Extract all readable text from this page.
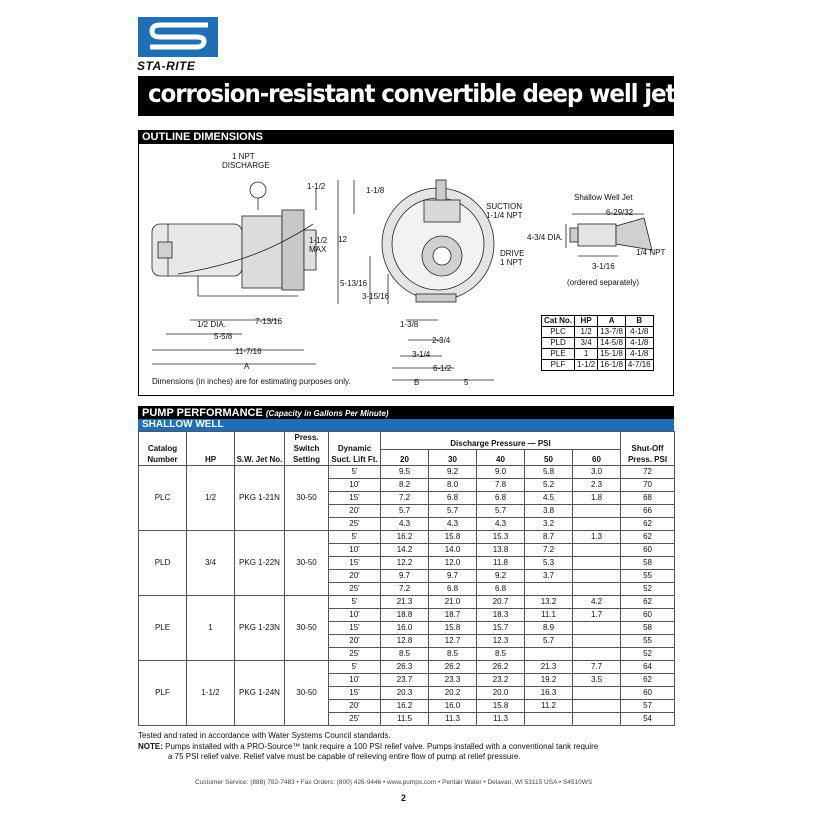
STA-RITE
corrosion-resistant convertible deep well jet pumps
OUTLINE DIMENSIONS
1 NPT
DISCHARGE
1-1/2
1-1/2
MAX
1-1/8
12
SUCTION
1-1/4 NPT
DRIVE
1 NPT
5-13/16
3-15/16
1-3/8
2-3/4
3-1/4
6-1/2
B	5
1/2 DIA.	7-13/16
5-5/8
11-7/16
A
Dimensions (in inches) are for estimating purposes only.
Shallow Well Jet
6-29/32
4-3/4 DIA.
1/4 NPT
3-1/16
(ordered separately)
Cat No.	HP	A	B
PLC	1/2	13-7/8	4-1/8
PLD	3/4	14-5/8	4-1/8
PLE	1	15-1/8	4-1/8
PLF	1-1/2	16-1/8	4-7/16
PUMP PERFORMANCE (Capacity in Gallons Per Minute)
SHALLOW WELL
Catalog Number	HP	S.W. Jet No.	Press. Switch Setting	Dynamic Suct. Lift Ft.	Discharge Pressure — PSI					Shut-Off Press. PSI
					20	30	40	50	60	
PLC	1/2	PKG 1-21N	30-50	5'	9.5	9.2	9.0	5.8	3.0	72
				10'	8.2	8.0	7.8	5.2	2.3	70
				15'	7.2	6.8	6.8	4.5	1.8	68
				20'	5.7	5.7	5.7	3.8		66
				25'	4.3	4.3	4.3	3.2		62
PLD	3/4	PKG 1-22N	30-50	5'	16.2	15.8	15.3	8.7	1.3	62
				10'	14.2	14.0	13.8	7.2		60
				15'	12.2	12.0	11.8	5.3		58
				20'	9.7	9.7	9.2	3.7		55
				25'	7.2	6.8	6.8			52
PLE	1	PKG 1-23N	30-50	5'	21.3	21.0	20.7	13.2	4.2	62
				10'	18.8	18.7	18.3	11.1	1.7	60
				15'	16.0	15.8	15.7	8.9		58
				20'	12.8	12.7	12.3	5.7		55
				25'	8.5	8.5	8.5			52
PLF	1-1/2	PKG 1-24N	30-50	5'	26.3	26.2	26.2	21.3	7.7	64
				10'	23.7	23.3	23.2	19.2	3.5	62
				15'	20.3	20.2	20.0	16.3		60
				20'	16.2	16.0	15.8	11.2		57
				25'	11.5	11.3	11.3			54
Tested and rated in accordance with Water Systems Council standards.
NOTE: Pumps installed with a PRO-Source™ tank require a 100 PSI relief valve. Pumps installed with a conventional tank require
a 75 PSI relief valve. Relief valve must be capable of relieving entire flow of pump at relief pressure.
Customer Service: (888) 782-7483 • Fax Orders: (800) 426-9446 • www.pumps.com • Pentair Water • Delavan, WI 53115 USA • S4510WS
2
